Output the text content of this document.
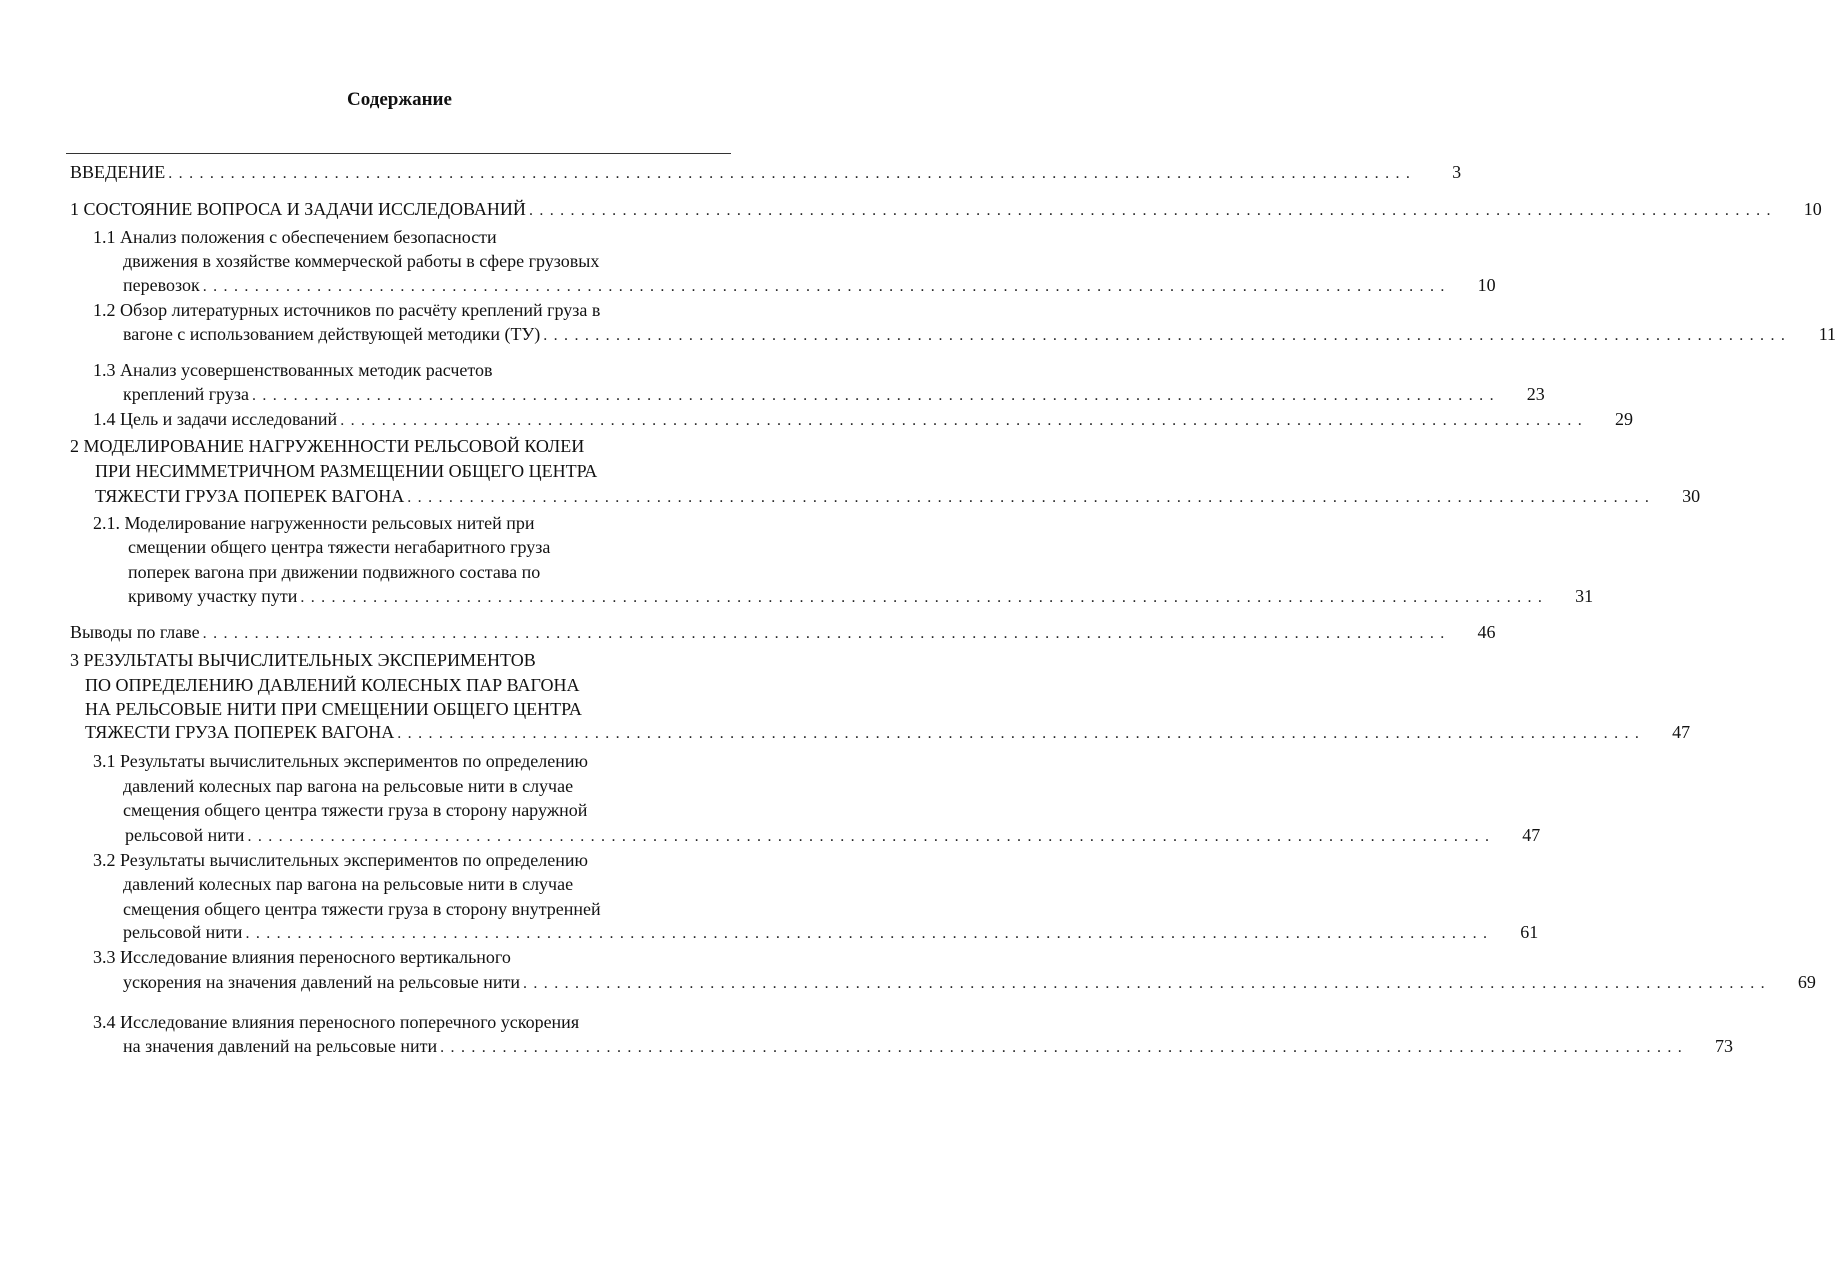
Содержание
ВВЕДЕНИЕ . . . . . . . . . . . . . . . . . . . . . . . . . . . . . . . . . . . . . . . . . . . . . . . . . . . . . . . . . . . . . . . . . . . . . . . . . . . . . . . . . . . . . . . . . . . . . . . . . . . . . . . . . . . . . . . . . . . . . . . .	3
1 СОСТОЯНИЕ ВОПРОСА И ЗАДАЧИ ИССЛЕДОВАНИЙ . . . . . . . . . . . . . . . . . . . . . . . . . . . . . . . . . . . . . . . . . . . . . . . . . . . . . . . . . . . . . . . . . . . . . . . . . . . . . . . . . . . . . . . . . . . . . . . . . . . . . . . . . . . . . . . . . . . . . . . .	10
1.1 Анализ положения с обеспечением безопасности
движения в хозяйстве коммерческой работы в сфере грузовых
перевозок . . . . . . . . . . . . . . . . . . . . . . . . . . . . . . . . . . . . . . . . . . . . . . . . . . . . . . . . . . . . . . . . . . . . . . . . . . . . . . . . . . . . . . . . . . . . . . . . . . . . . . . . . . . . . . . . . . . . . . . .	10
1.2 Обзор литературных источников по расчёту креплений груза в
вагоне с использованием действующей методики (ТУ) . . . . . . . . . . . . . . . . . . . . . . . . . . . . . . . . . . . . . . . . . . . . . . . . . . . . . . . . . . . . . . . . . . . . . . . . . . . . . . . . . . . . . . . . . . . . . . . . . . . . . . . . . . . . . . . . . . . . . . . .	11
1.3 Анализ усовершенствованных методик расчетов
креплений груза . . . . . . . . . . . . . . . . . . . . . . . . . . . . . . . . . . . . . . . . . . . . . . . . . . . . . . . . . . . . . . . . . . . . . . . . . . . . . . . . . . . . . . . . . . . . . . . . . . . . . . . . . . . . . . . . . . . . . . . .	23
1.4 Цель и задачи исследований . . . . . . . . . . . . . . . . . . . . . . . . . . . . . . . . . . . . . . . . . . . . . . . . . . . . . . . . . . . . . . . . . . . . . . . . . . . . . . . . . . . . . . . . . . . . . . . . . . . . . . . . . . . . . . . . . . . . . . . .	29
2 МОДЕЛИРОВАНИЕ НАГРУЖЕННОСТИ РЕЛЬСОВОЙ КОЛЕИ
ПРИ НЕСИММЕТРИЧНОМ РАЗМЕЩЕНИИ ОБЩЕГО ЦЕНТРА
ТЯЖЕСТИ ГРУЗА ПОПЕРЕК ВАГОНА . . . . . . . . . . . . . . . . . . . . . . . . . . . . . . . . . . . . . . . . . . . . . . . . . . . . . . . . . . . . . . . . . . . . . . . . . . . . . . . . . . . . . . . . . . . . . . . . . . . . . . . . . . . . . . . . . . . . . . . .	30
2.1. Моделирование нагруженности рельсовых нитей при
смещении общего центра тяжести негабаритного груза
поперек вагона при движении подвижного состава по
кривому участку пути . . . . . . . . . . . . . . . . . . . . . . . . . . . . . . . . . . . . . . . . . . . . . . . . . . . . . . . . . . . . . . . . . . . . . . . . . . . . . . . . . . . . . . . . . . . . . . . . . . . . . . . . . . . . . . . . . . . . . . . .	31
Выводы по главе . . . . . . . . . . . . . . . . . . . . . . . . . . . . . . . . . . . . . . . . . . . . . . . . . . . . . . . . . . . . . . . . . . . . . . . . . . . . . . . . . . . . . . . . . . . . . . . . . . . . . . . . . . . . . . . . . . . . . . . .	46
3 РЕЗУЛЬТАТЫ ВЫЧИСЛИТЕЛЬНЫХ ЭКСПЕРИМЕНТОВ
ПО ОПРЕДЕЛЕНИЮ ДАВЛЕНИЙ КОЛЕСНЫХ ПАР ВАГОНА
НА РЕЛЬСОВЫЕ НИТИ ПРИ СМЕЩЕНИИ ОБЩЕГО ЦЕНТРА
ТЯЖЕСТИ ГРУЗА ПОПЕРЕК ВАГОНА . . . . . . . . . . . . . . . . . . . . . . . . . . . . . . . . . . . . . . . . . . . . . . . . . . . . . . . . . . . . . . . . . . . . . . . . . . . . . . . . . . . . . . . . . . . . . . . . . . . . . . . . . . . . . . . . . . . . . . . .	47
3.1 Результаты вычислительных экспериментов по определению
давлений колесных пар вагона на рельсовые нити в случае
смещения общего центра тяжести груза в сторону наружной
рельсовой нити . . . . . . . . . . . . . . . . . . . . . . . . . . . . . . . . . . . . . . . . . . . . . . . . . . . . . . . . . . . . . . . . . . . . . . . . . . . . . . . . . . . . . . . . . . . . . . . . . . . . . . . . . . . . . . . . . . . . . . . .	47
3.2 Результаты вычислительных экспериментов по определению
давлений колесных пар вагона на рельсовые нити в случае
смещения общего центра тяжести груза в сторону внутренней
рельсовой нити . . . . . . . . . . . . . . . . . . . . . . . . . . . . . . . . . . . . . . . . . . . . . . . . . . . . . . . . . . . . . . . . . . . . . . . . . . . . . . . . . . . . . . . . . . . . . . . . . . . . . . . . . . . . . . . . . . . . . . . .	61
3.3 Исследование влияния переносного вертикального
ускорения на значения давлений на рельсовые нити . . . . . . . . . . . . . . . . . . . . . . . . . . . . . . . . . . . . . . . . . . . . . . . . . . . . . . . . . . . . . . . . . . . . . . . . . . . . . . . . . . . . . . . . . . . . . . . . . . . . . . . . . . . . . . . . . . . . . . . .	69
3.4 Исследование влияния переносного поперечного ускорения
на значения давлений на рельсовые нити . . . . . . . . . . . . . . . . . . . . . . . . . . . . . . . . . . . . . . . . . . . . . . . . . . . . . . . . . . . . . . . . . . . . . . . . . . . . . . . . . . . . . . . . . . . . . . . . . . . . . . . . . . . . . . . . . . . . . . . .	73
